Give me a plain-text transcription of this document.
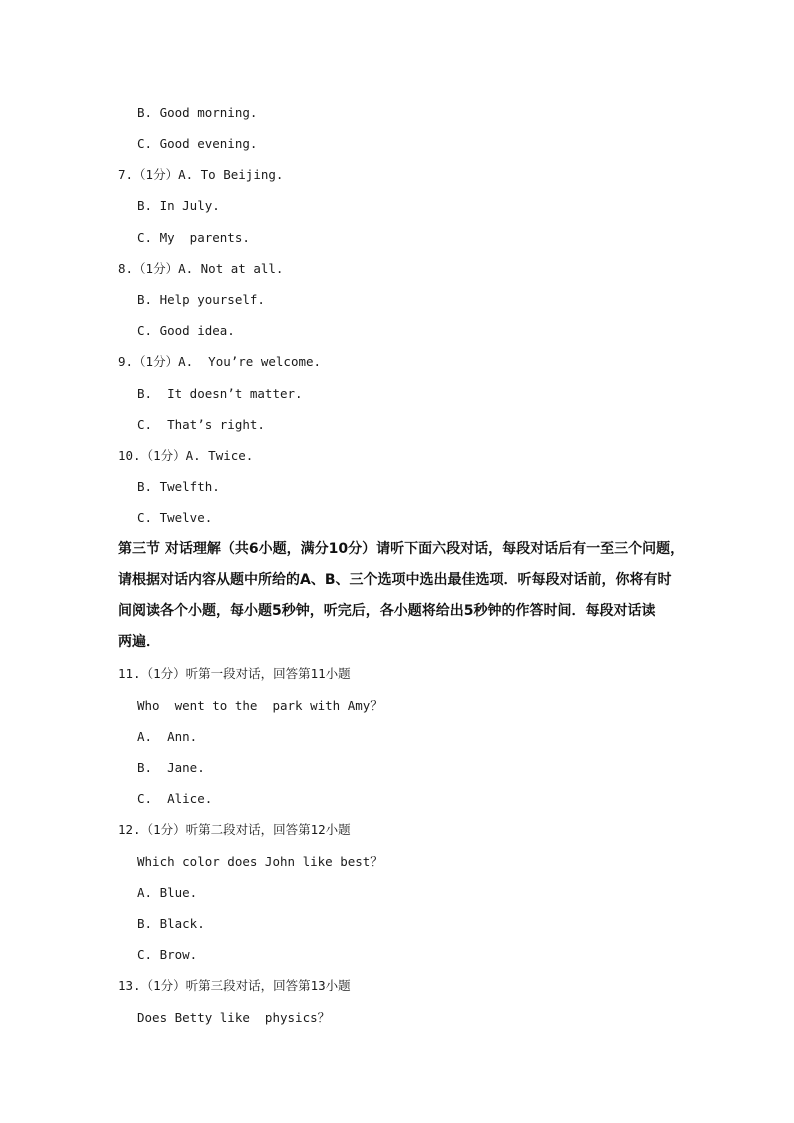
B. Good morning.
C. Good evening.
7.（1分）A. To Beijing.
B. In July.
C. My  parents.
8.（1分）A. Not at all.
B. Help yourself.
C. Good idea.
9.（1分）A.  You’re welcome.
B.  It doesn’t matter.
C.  That’s right.
10.（1分）A. Twice.
B. Twelfth.
C. Twelve.

第三节 对话理解（共6小题，满分10分）请听下面六段对话，每段对话后有一至三个问题，

请根据对话内容从题中所给的A、B、三个选项中选出最佳选项．听每段对话前，你将有时

间阅读各个小题，每小题5秒钟，听完后，各小题将给出5秒钟的作答时间．每段对话读

两遍．

11.（1分）听第一段对话，回答第11小题
Who  went to the  park with Amy？
A.  Ann.
B.  Jane.
C.  Alice.
12.（1分）听第二段对话，回答第12小题
Which color does John like best？
A. Blue.
B. Black.
C. Brow.
13.（1分）听第三段对话，回答第13小题
Does Betty like  physics？
